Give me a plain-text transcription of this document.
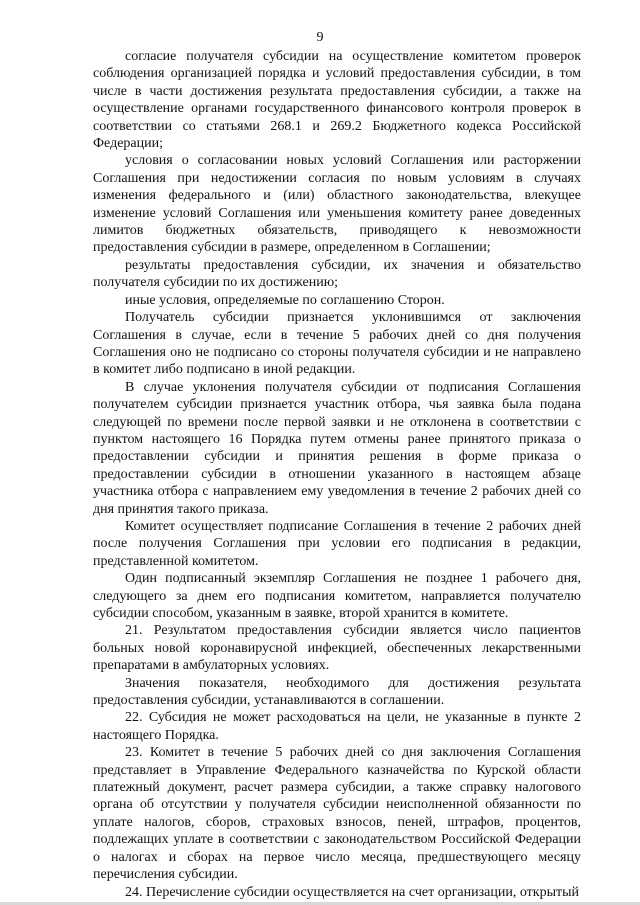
9

согласие получателя субсидии на осуществление комитетом проверок соблюдения организацией порядка и условий предоставления субсидии, в том числе в части достижения результата предоставления субсидии, а также на осуществление органами государственного финансового контроля проверок в соответствии со статьями 268.1 и 269.2 Бюджетного кодекса Российской Федерации;

условия о согласовании новых условий Соглашения или расторжении Соглашения при недостижении согласия по новым условиям в случаях изменения федерального и (или) областного законодательства, влекущее изменение условий Соглашения или уменьшения комитету ранее доведенных лимитов бюджетных обязательств, приводящего к невозможности предоставления субсидии в размере, определенном в Соглашении;

результаты предоставления субсидии, их значения и обязательство получателя субсидии по их достижению;

иные условия, определяемые по соглашению Сторон.

Получатель субсидии признается уклонившимся от заключения Соглашения в случае, если в течение 5 рабочих дней со дня получения Соглашения оно не подписано со стороны получателя субсидии и не направлено в комитет либо подписано в иной редакции.

В случае уклонения получателя субсидии от подписания Соглашения получателем субсидии признается участник отбора, чья заявка была подана следующей по времени после первой заявки и не отклонена в соответствии с пунктом настоящего 16 Порядка путем отмены ранее принятого приказа о предоставлении субсидии и принятия решения в форме приказа о предоставлении субсидии в отношении указанного в настоящем абзаце участника отбора с направлением ему уведомления в течение 2 рабочих дней со дня принятия такого приказа.

Комитет осуществляет подписание Соглашения в течение 2 рабочих дней после получения Соглашения при условии его подписания в редакции, представленной комитетом.

Один подписанный экземпляр Соглашения не позднее 1 рабочего дня, следующего за днем его подписания комитетом, направляется получателю субсидии способом, указанным в заявке, второй хранится в комитете.

21. Результатом предоставления субсидии является число пациентов больных новой коронавирусной инфекцией, обеспеченных лекарственными препаратами в амбулаторных условиях.

Значения показателя, необходимого для достижения результата предоставления субсидии, устанавливаются в соглашении.

22. Субсидия не может расходоваться на цели, не указанные в пункте 2 настоящего Порядка.

23. Комитет в течение 5 рабочих дней со дня заключения Соглашения представляет в Управление Федерального казначейства по Курской области платежный документ, расчет размера субсидии, а также справку налогового органа об отсутствии у получателя субсидии неисполненной обязанности по уплате налогов, сборов, страховых взносов, пеней, штрафов, процентов, подлежащих уплате в соответствии с законодательством Российской Федерации о налогах и сборах на первое число месяца, предшествующего месяцу перечисления субсидии.

24. Перечисление субсидии осуществляется на счет организации, открытый
